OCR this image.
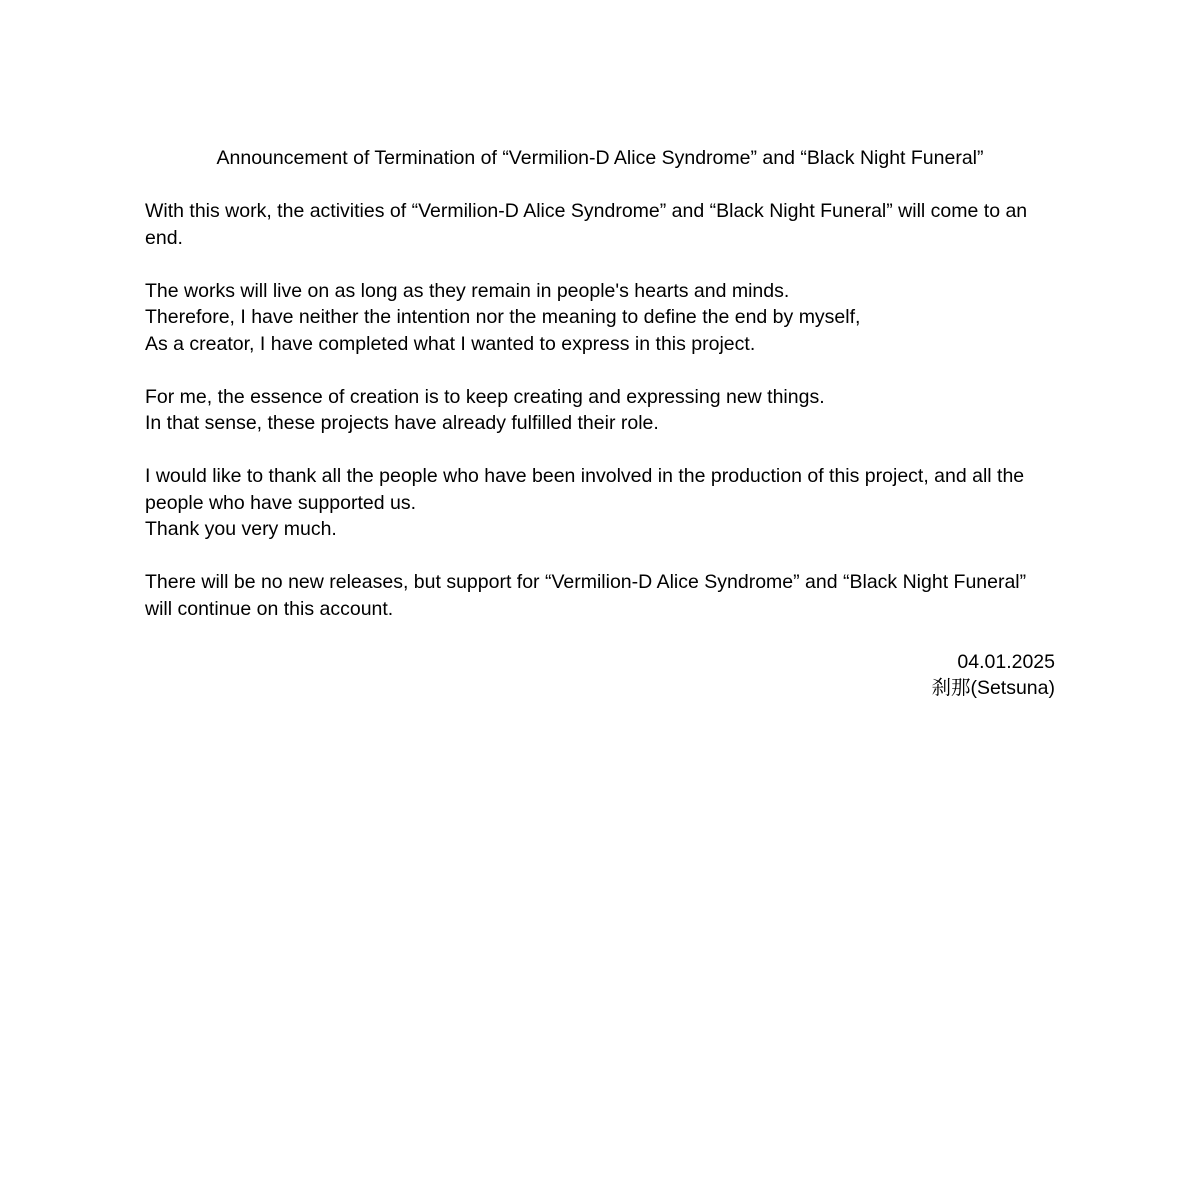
Announcement of Termination of “Vermilion-D Alice Syndrome” and “Black Night Funeral”
With this work, the activities of “Vermilion-D Alice Syndrome” and “Black Night Funeral” will come to an end.
The works will live on as long as they remain in people's hearts and minds.
Therefore, I have neither the intention nor the meaning to define the end by myself,
As a creator, I have completed what I wanted to express in this project.
For me, the essence of creation is to keep creating and expressing new things.
In that sense, these projects have already fulfilled their role.
I would like to thank all the people who have been involved in the production of this project, and all the people who have supported us.
Thank you very much.
There will be no new releases, but support for “Vermilion-D Alice Syndrome” and “Black Night Funeral” will continue on this account.
04.01.2025
刹那(Setsuna)
